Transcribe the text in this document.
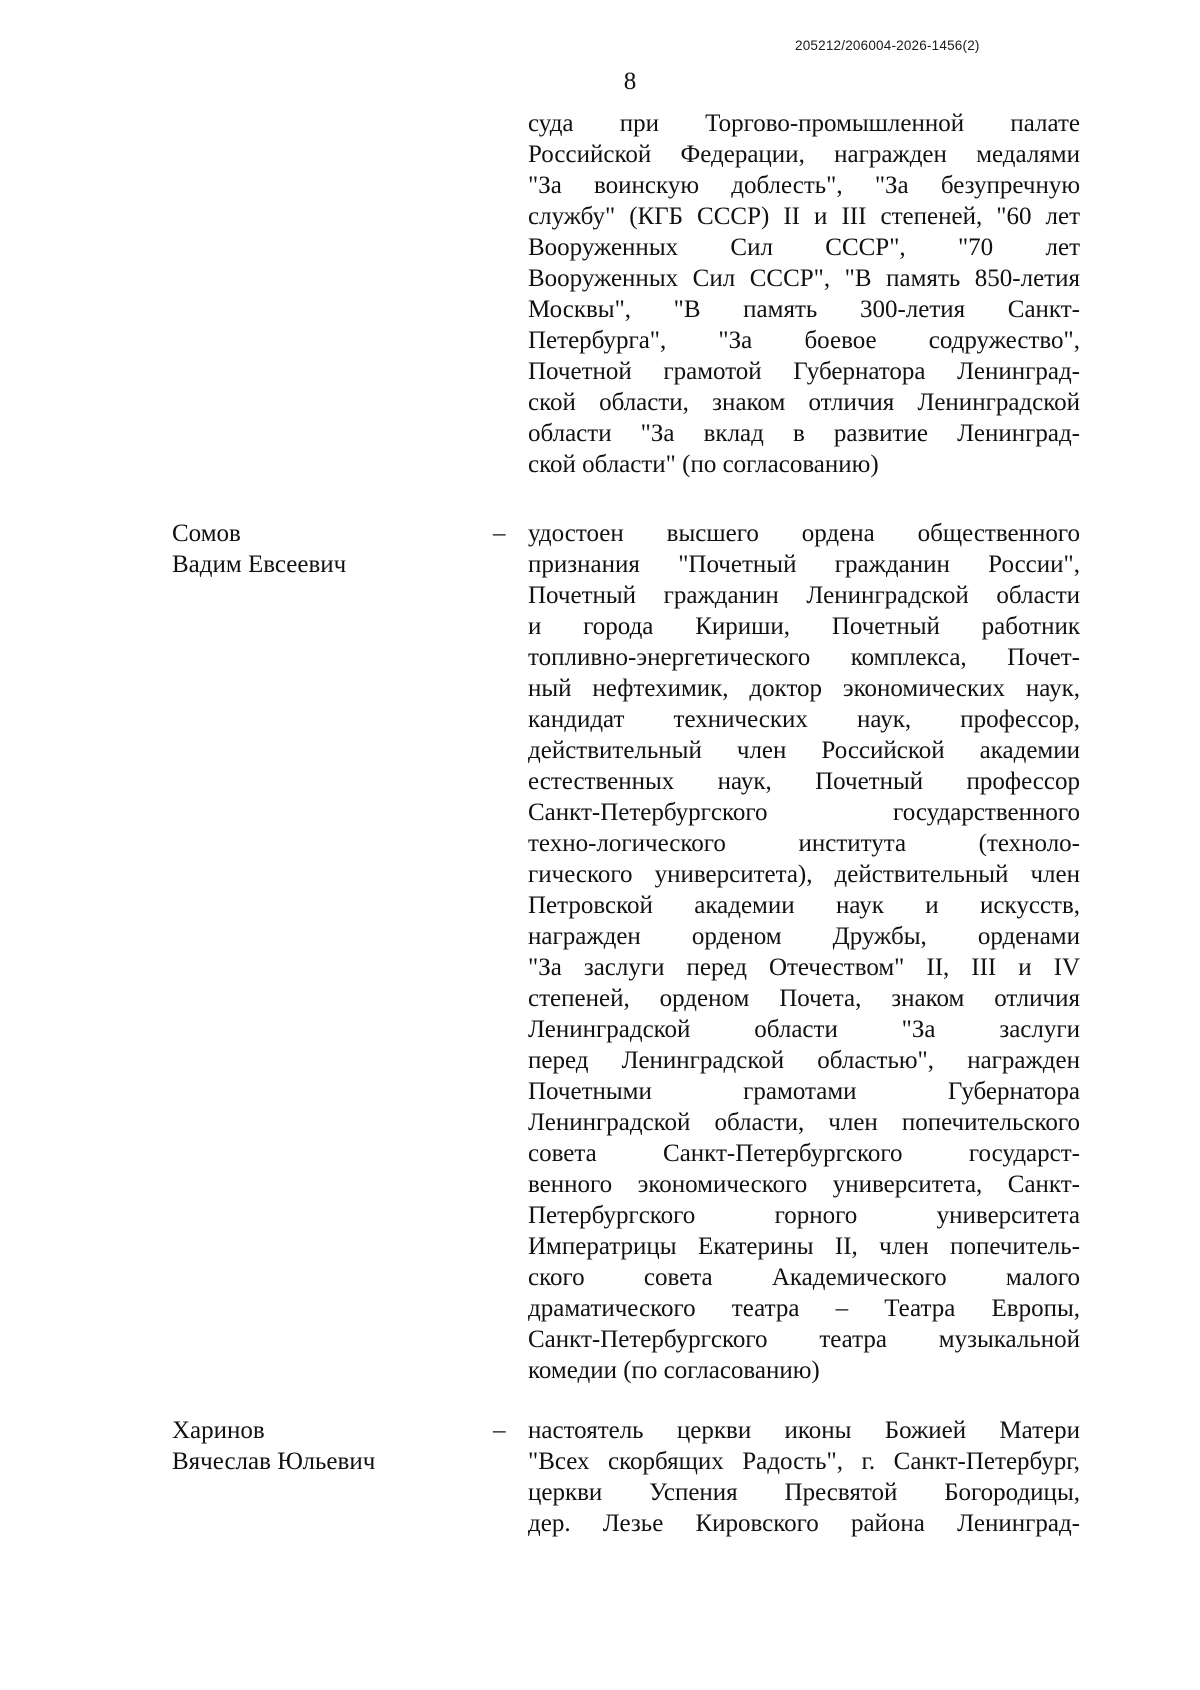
205212/206004-2026-1456(2)
8
суда при Торгово-промышленной палате
Российской Федерации, награжден медалями
"За воинскую доблесть", "За безупречную
службу" (КГБ СССР) II и III степеней, "60 лет
Вооруженных Сил СССР", "70 лет
Вооруженных Сил СССР", "В память 850-летия
Москвы", "В память 300-летия Санкт-
Петербурга", "За боевое содружество",
Почетной грамотой Губернатора Ленинград-
ской области, знаком отличия Ленинградской
области "За вклад в развитие Ленинград-
ской области" (по согласованию)
Сомов
Вадим Евсеевич
– удостоен высшего ордена общественного
признания "Почетный гражданин России",
Почетный гражданин Ленинградской области
и города Кириши, Почетный работник
топливно-энергетического комплекса, Почет-
ный нефтехимик, доктор экономических наук,
кандидат технических наук, профессор,
действительный член Российской академии
естественных наук, Почетный профессор
Санкт-Петербургского государственного
техно-логического института (техноло-
гического университета), действительный член
Петровской академии наук и искусств,
награжден орденом Дружбы, орденами
"За заслуги перед Отечеством" II, III и IV
степеней, орденом Почета, знаком отличия
Ленинградской области "За заслуги
перед Ленинградской областью", награжден
Почетными грамотами Губернатора
Ленинградской области, член попечительского
совета Санкт-Петербургского государст-
венного экономического университета, Санкт-
Петербургского горного университета
Императрицы Екатерины II, член попечитель-
ского совета Академического малого
драматического театра – Театра Европы,
Санкт-Петербургского театра музыкальной
комедии (по согласованию)
Харинов
Вячеслав Юльевич
– настоятель церкви иконы Божией Матери
"Всех скорбящих Радость", г. Санкт-Петербург,
церкви Успения Пресвятой Богородицы,
дер. Лезье Кировского района Ленинград-
